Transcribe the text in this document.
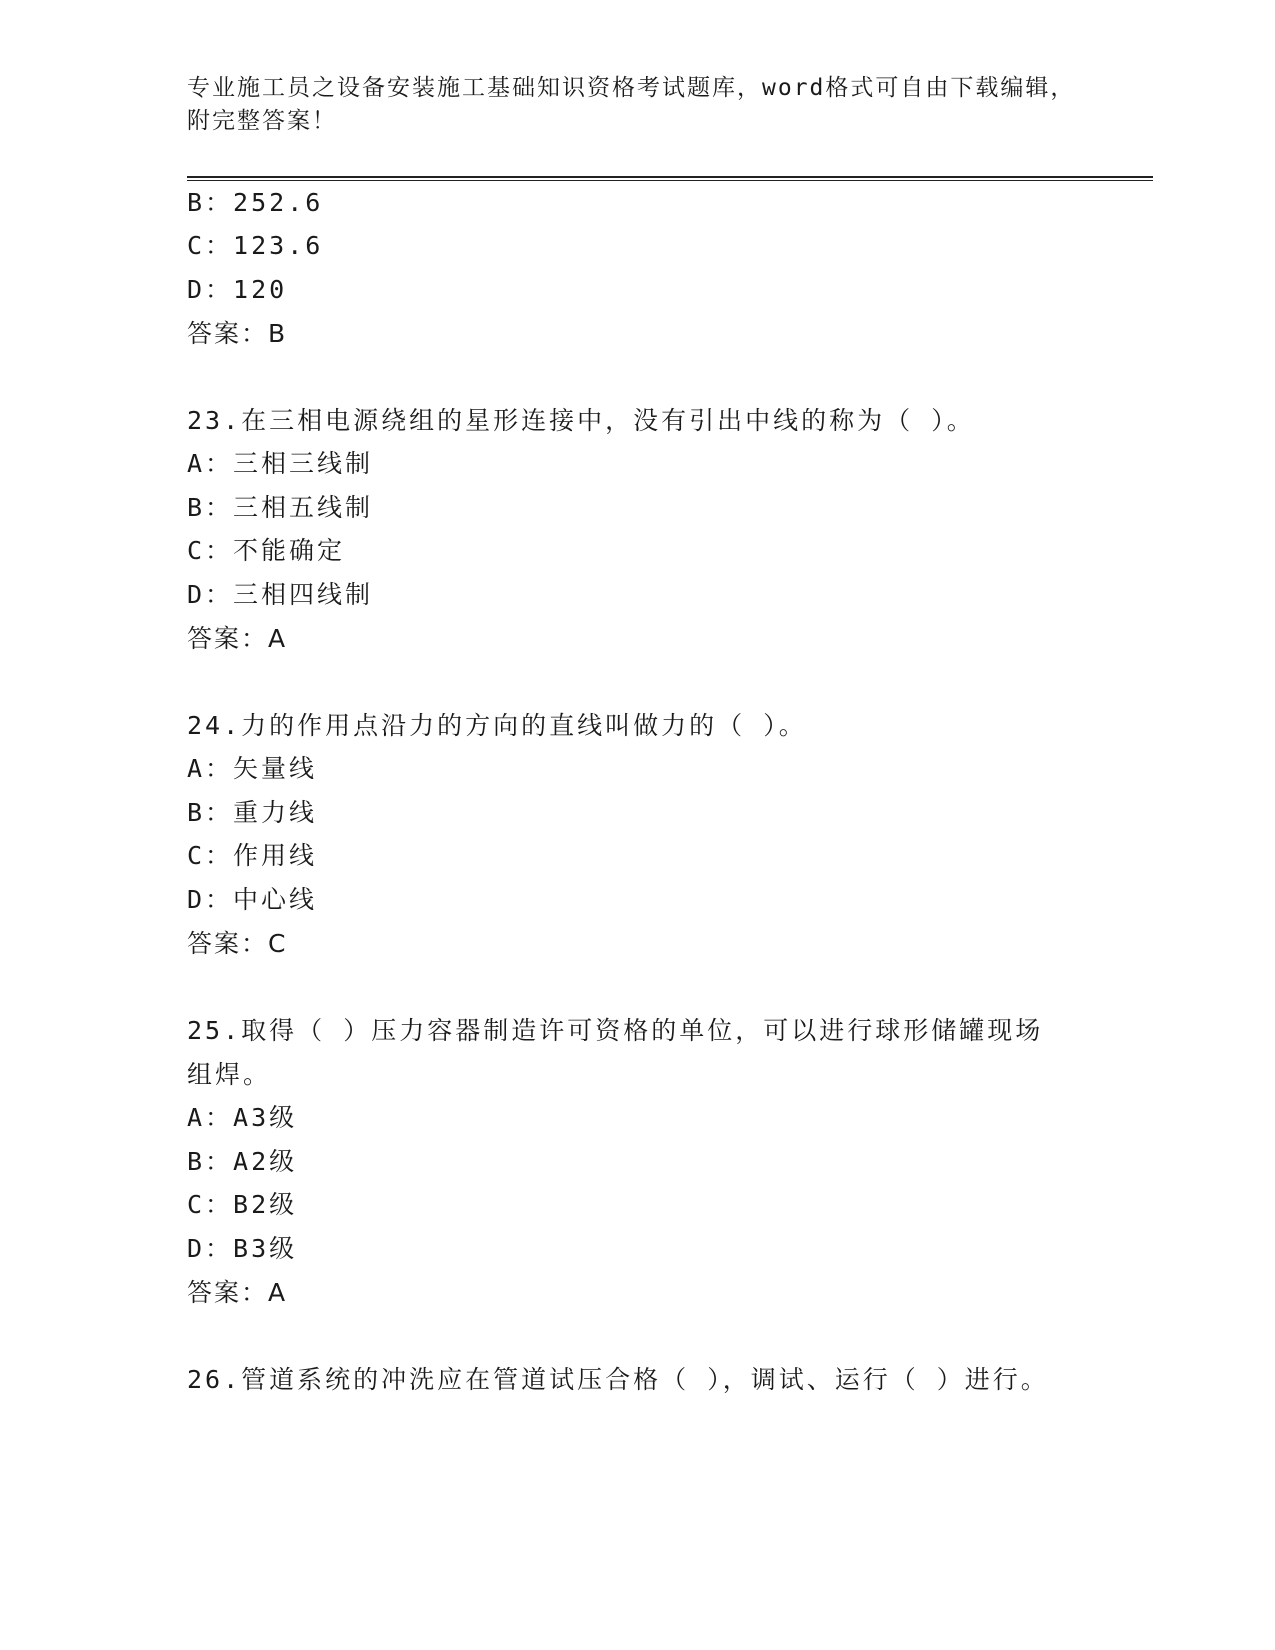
专业施工员之设备安装施工基础知识资格考试题库，word格式可自由下载编辑，
附完整答案！
B：252.6
C：123.6
D：120
答案：B
23.在三相电源绕组的星形连接中，没有引出中线的称为（ ）。
A：三相三线制
B：三相五线制
C：不能确定
D：三相四线制
答案：A
24.力的作用点沿力的方向的直线叫做力的（ ）。
A：矢量线
B：重力线
C：作用线
D：中心线
答案：C
25.取得（ ）压力容器制造许可资格的单位，可以进行球形储罐现场
组焊。
A：A3级
B：A2级
C：B2级
D：B3级
答案：A
26.管道系统的冲洗应在管道试压合格（ ），调试、运行（ ）进行。
